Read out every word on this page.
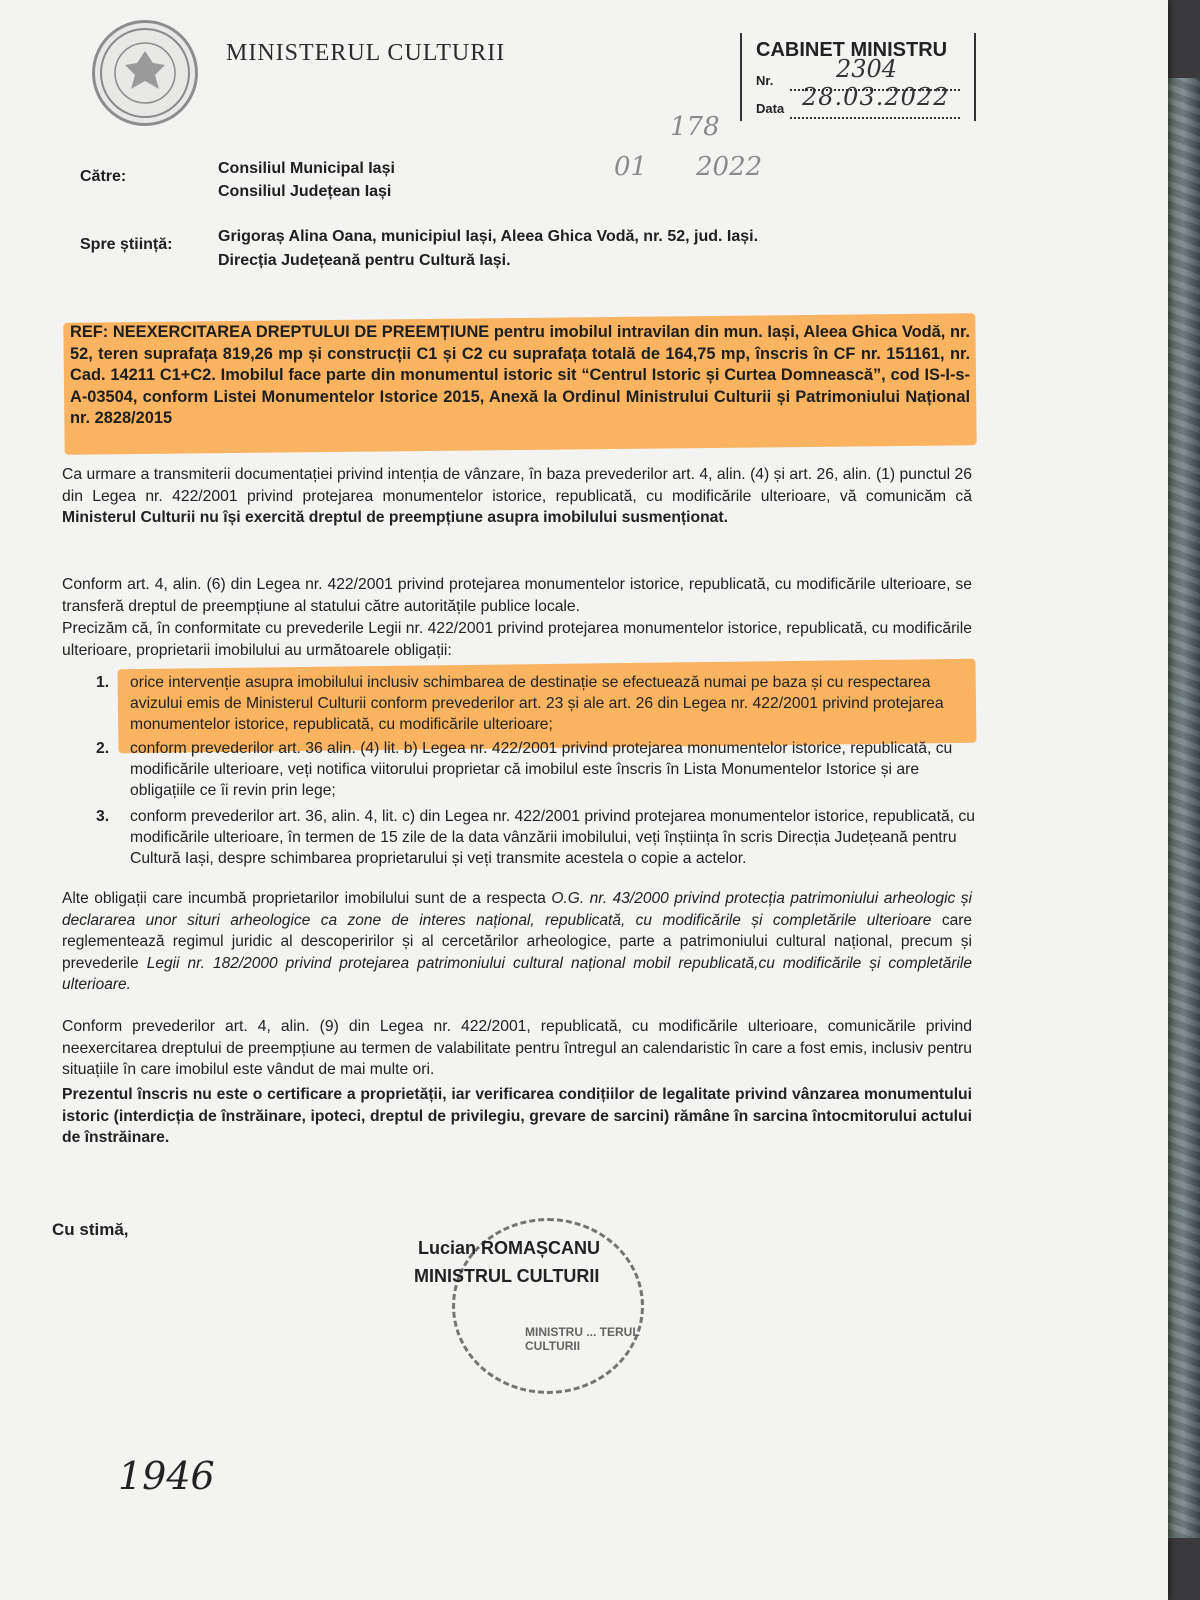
MINISTERUL CULTURII	CABINET MINISTRU
Nr.	2304
Data 28.03.2022
178
01 2022
Către:	Consiliul Municipal Iași
Consiliul Județean Iași
Spre știință:	Grigoraș Alina Oana, municipiul Iași, Aleea Ghica Vodă, nr. 52, jud. Iași.
Direcția Județeană pentru Cultură Iași.
REF: NEEXERCITAREA DREPTULUI DE PREEMȚIUNE pentru imobilul intravilan din mun. Iași, Aleea Ghica Vodă, nr. 52, teren suprafața 819,26 mp și construcții C1 și C2 cu suprafața totală de 164,75 mp, înscris în CF nr. 151161, nr. Cad. 14211 C1+C2. Imobilul face parte din monumentul istoric sit “Centrul Istoric și Curtea Domnească”, cod IS-I-s-A-03504, conform Listei Monumentelor Istorice 2015, Anexă la Ordinul Ministrului Culturii și Patrimoniului Național nr. 2828/2015
Ca urmare a transmiterii documentației privind intenția de vânzare, în baza prevederilor art. 4, alin. (4) și art. 26, alin. (1) punctul 26 din Legea nr. 422/2001 privind protejarea monumentelor istorice, republicată, cu modificările ulterioare, vă comunicăm că Ministerul Culturii nu își exercită dreptul de preempțiune asupra imobilului susmenționat.
Conform art. 4, alin. (6) din Legea nr. 422/2001 privind protejarea monumentelor istorice, republicată, cu modificările ulterioare, se transferă dreptul de preempțiune al statului către autoritățile publice locale.
Precizăm că, în conformitate cu prevederile Legii nr. 422/2001 privind protejarea monumentelor istorice, republicată, cu modificările ulterioare, proprietarii imobilului au următoarele obligații:
1. orice intervenție asupra imobilului inclusiv schimbarea de destinație se efectuează numai pe baza și cu respectarea avizului emis de Ministerul Culturii conform prevederilor art. 23 și ale art. 26 din Legea nr. 422/2001 privind protejarea monumentelor istorice, republicată, cu modificările ulterioare;
2. conform prevederilor art. 36 alin. (4) lit. b) Legea nr. 422/2001 privind protejarea monumentelor istorice, republicată, cu modificările ulterioare, veți notifica viitorului proprietar că imobilul este înscris în Lista Monumentelor Istorice și are obligațiile ce îi revin prin lege;
3. conform prevederilor art. 36, alin. 4, lit. c) din Legea nr. 422/2001 privind protejarea monumentelor istorice, republicată, cu modificările ulterioare, în termen de 15 zile de la data vânzării imobilului, veți înștiința în scris Direcția Județeană pentru Cultură Iași, despre schimbarea proprietarului și veți transmite acestela o copie a actelor.
Alte obligații care incumbă proprietarilor imobilului sunt de a respecta O.G. nr. 43/2000 privind protecția patrimoniului arheologic și declararea unor situri arheologice ca zone de interes național, republicată, cu modificările și completările ulterioare care reglementează regimul juridic al descoperirilor și al cercetărilor arheologice, parte a patrimoniului cultural național, precum și prevederile Legii nr. 182/2000 privind protejarea patrimoniului cultural național mobil republicată,cu modificările și completările ulterioare.
Conform prevederilor art. 4, alin. (9) din Legea nr. 422/2001, republicată, cu modificările ulterioare, comunicările privind neexercitarea dreptului de preempțiune au termen de valabilitate pentru întregul an calendaristic în care a fost emis, inclusiv pentru situațiile în care imobilul este vândut de mai multe ori.
Prezentul înscris nu este o certificare a proprietății, iar verificarea condițiilor de legalitate privind vânzarea monumentului istoric (interdicția de înstrăinare, ipoteci, dreptul de privilegiu, grevare de sarcini) rămâne în sarcina întocmitorului actului de înstrăinare.
Cu stimă,
MINISTRU ... TERUL CULTURII
Lucian ROMAȘCANU
MINISTRUL CULTURII
1946
